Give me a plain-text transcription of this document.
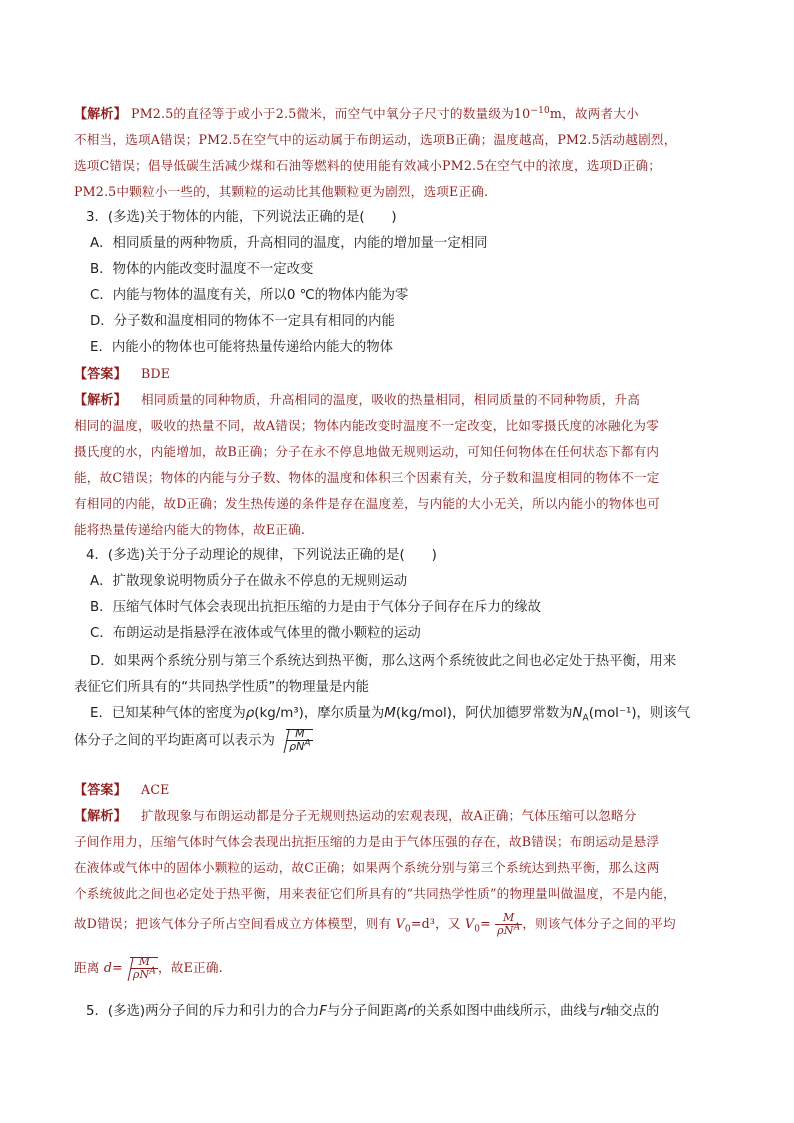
【解析】 PM2.5的直径等于或小于2.5微米，而空气中氧分子尺寸的数量级为$10^{-10}m$，故两者大小
不相当，选项A错误；PM2.5在空气中的运动属于布朗运动，选项B正确；温度越高，PM2.5活动越剧烈，
选项C错误；倡导低碳生活减少煤和石油等燃料的使用能有效减小PM2.5在空气中的浓度，选项D正确；
PM2.5中颗粒小一些的，其颗粒的运动比其他颗粒更为剧烈，选项E正确.
3．(多选)关于物体的内能，下列说法正确的是(　　)
A．相同质量的两种物质，升高相同的温度，内能的增加量一定相同
B．物体的内能改变时温度不一定改变
C．内能与物体的温度有关，所以0 ℃的物体内能为零
D．分子数和温度相同的物体不一定具有相同的内能
E．内能小的物体也可能将热量传递给内能大的物体
【答案】 BDE
【解析】 相同质量的同种物质，升高相同的温度，吸收的热量相同，相同质量的不同种物质，升高
相同的温度，吸收的热量不同，故A错误；物体内能改变时温度不一定改变，比如零摄氏度的冰融化为零
摄氏度的水，内能增加，故B正确；分子在永不停息地做无规则运动，可知任何物体在任何状态下都有内
能，故C错误；物体的内能与分子数、物体的温度和体积三个因素有关，分子数和温度相同的物体不一定
有相同的内能，故D正确；发生热传递的条件是存在温度差，与内能的大小无关，所以内能小的物体也可
能将热量传递给内能大的物体，故E正确.
4．(多选)关于分子动理论的规律，下列说法正确的是(　　)
A．扩散现象说明物质分子在做永不停息的无规则运动
B．压缩气体时气体会表现出抗拒压缩的力是由于气体分子间存在斥力的缘故
C．布朗运动是指悬浮在液体或气体里的微小颗粒的运动
D．如果两个系统分别与第三个系统达到热平衡，那么这两个系统彼此之间也必定处于热平衡，用来
表征它们所具有的“共同热学性质”的物理量是内能
E．已知某种气体的密度为ρ(kg/m³)，摩尔质量为M(kg/mol)，阿伏加德罗常数为$N_A(mol^{-1})$，则该气
体分子之间的平均距离可以表示为 $\frac{M}{\rho N^A}$
【答案】 ACE
【解析】 扩散现象与布朗运动都是分子无规则热运动的宏观表现，故A正确；气体压缩可以忽略分
子间作用力，压缩气体时气体会表现出抗拒压缩的力是由于气体压强的存在，故B错误；布朗运动是悬浮
在液体或气体中的固体小颗粒的运动，故C正确；如果两个系统分别与第三个系统达到热平衡，那么这两
个系统彼此之间也必定处于热平衡，用来表征它们所具有的“共同热学性质”的物理量叫做温度，不是内能，
故D错误；把该气体分子所占空间看成立方体模型，则有 $V_0=d^3$，又 $V_0= \frac{M}{\rho N^A}$ ，则该气体分子之间的平均
距离 $d= \frac{M}{\rho N^A}$ ，故E正确.
5．(多选)两分子间的斥力和引力的合力F与分子间距离r的关系如图中曲线所示，曲线与r轴交点的
